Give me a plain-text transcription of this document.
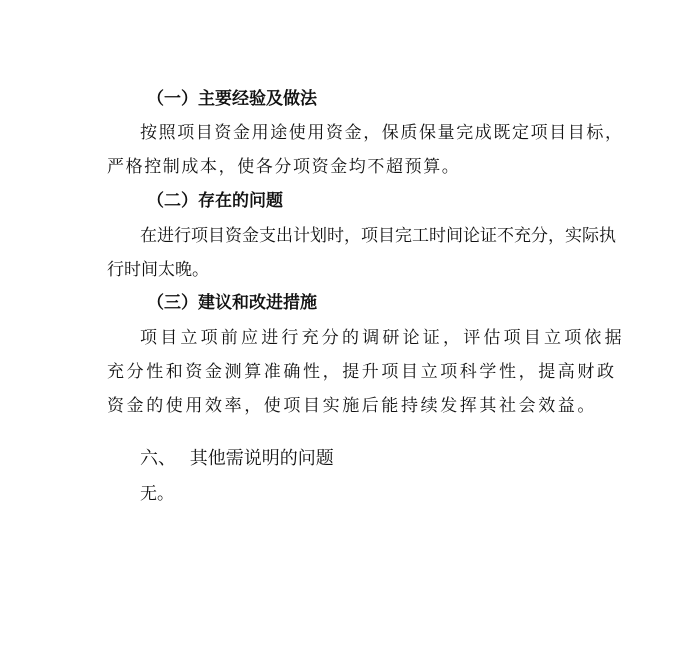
（一）主要经验及做法
按照项目资金用途使用资金，保质保量完成既定项目目标，
严格控制成本，使各分项资金均不超预算。
（二）存在的问题
在进行项目资金支出计划时，项目完工时间论证不充分，实际执
行时间太晚。
（三）建议和改进措施
项目立项前应进行充分的调研论证，评估项目立项依据
充分性和资金测算准确性，提升项目立项科学性，提高财政
资金的使用效率，使项目实施后能持续发挥其社会效益。
六、 其他需说明的问题
无。
